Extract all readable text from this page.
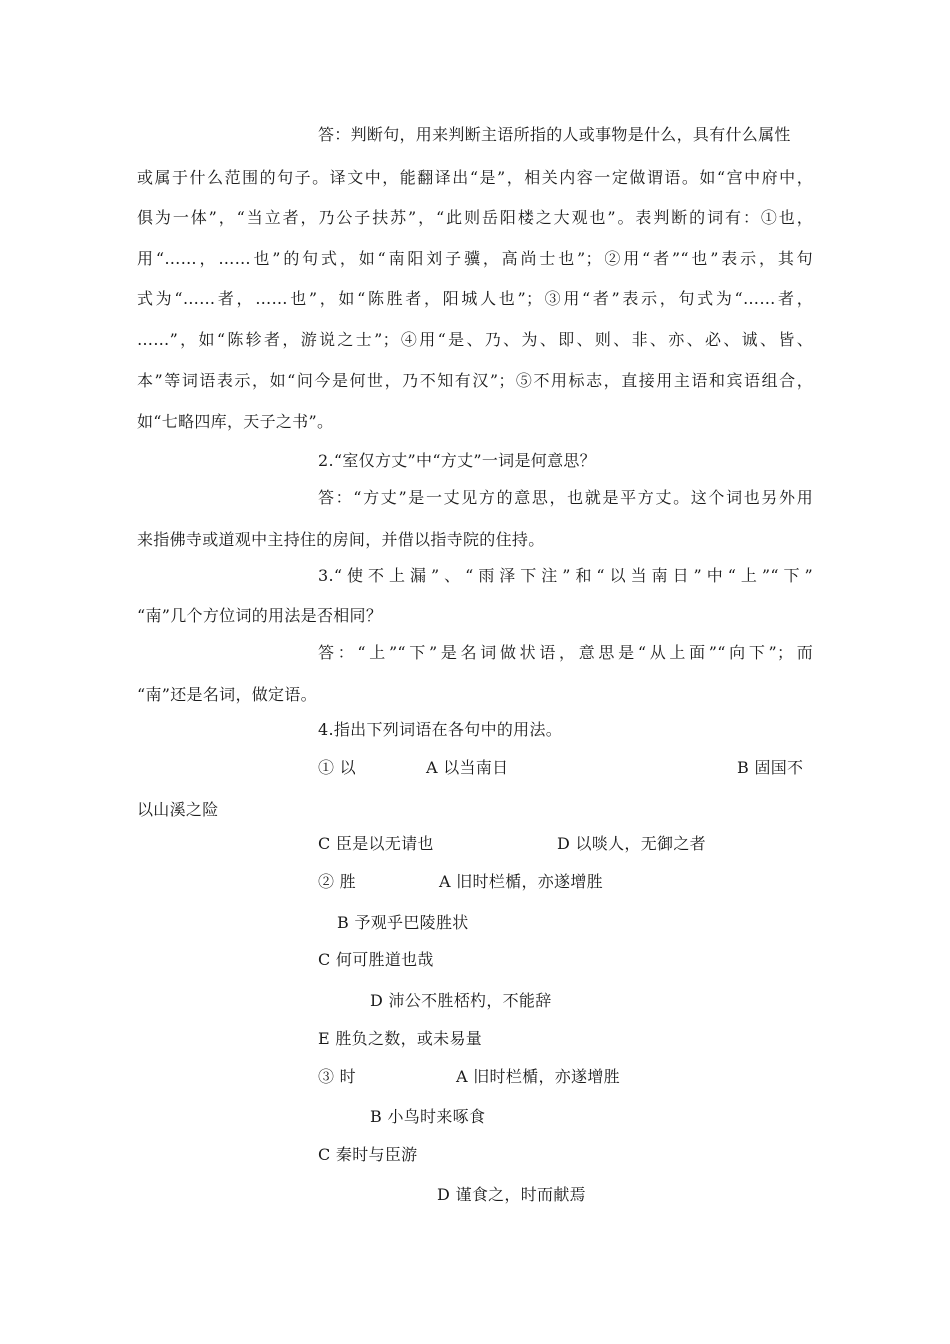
答：判断句，用来判断主语所指的人或事物是什么，具有什么属性
或属于什么范围的句子。译文中，能翻译出“是”，相关内容一定做谓语。如“宫中府中，
俱为一体”，“当立者，乃公子扶苏”，“此则岳阳楼之大观也”。表判断的词有：①也，
用“……，……也”的句式，如“南阳刘子骥，高尚士也”；②用“者”“也”表示，其句
式为“……者，……也”，如“陈胜者，阳城人也”；③用“者”表示，句式为“……者，
……”，如“陈轸者，游说之士”；④用“是、乃、为、即、则、非、亦、必、诚、皆、
本”等词语表示，如“问今是何世，乃不知有汉”；⑤不用标志，直接用主语和宾语组合，
如“七略四库，天子之书”。
2.“室仅方丈”中“方丈”一词是何意思？
答：“方丈”是一丈见方的意思，也就是平方丈。这个词也另外用
来指佛寺或道观中主持住的房间，并借以指寺院的住持。
3.“使不上漏”、“雨泽下注”和“以当南日”中“上”“下”
“南”几个方位词的用法是否相同？
答：“上”“下”是名词做状语，意思是“从上面”“向下”；而
“南”还是名词，做定语。
4.指出下列词语在各句中的用法。
① 以	A 以当南日	B 固国不
以山溪之险
C 臣是以无请也	D 以啖人，无御之者
② 胜	A 旧时栏楯，亦遂增胜
B 予观乎巴陵胜状
C 何可胜道也哉
D 沛公不胜桮杓，不能辞
E 胜负之数，或未易量
③ 时	A 旧时栏楯，亦遂增胜
B 小鸟时来啄食
C 秦时与臣游
D 谨食之，时而献焉
